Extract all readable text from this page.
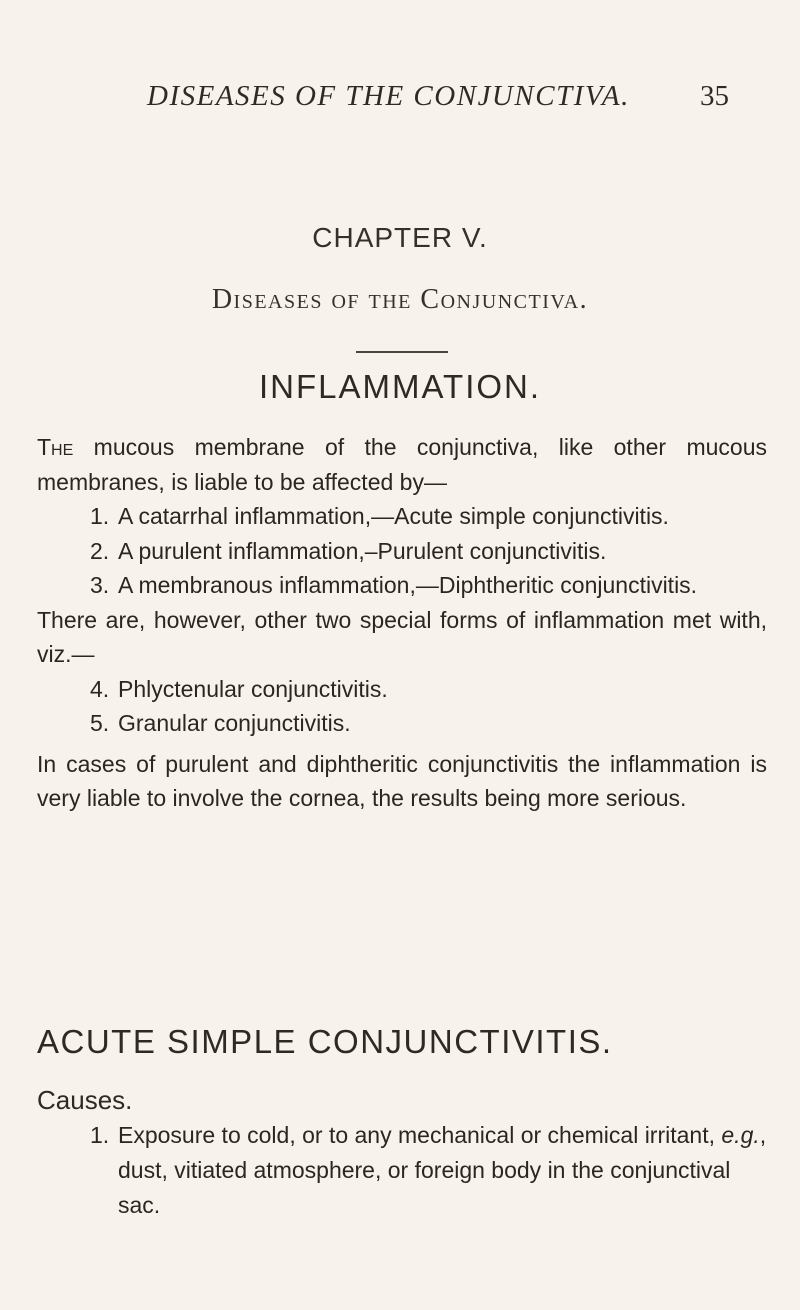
DISEASES OF THE CONJUNCTIVA. 35
CHAPTER V.
Diseases of the Conjunctiva.
INFLAMMATION.

The mucous membrane of the conjunctiva, like other mucous membranes, is liable to be affected by—

1. A catarrhal inflammation,—Acute simple conjunctivitis.
2. A purulent inflammation,–Purulent conjunctivitis.
3. A membranous inflammation,—Diphtheritic conjunctivitis.

There are, however, other two special forms of inflammation met with, viz.—

4. Phlyctenular conjunctivitis.
5. Granular conjunctivitis.

In cases of purulent and diphtheritic conjunctivitis the inflammation is very liable to involve the cornea, the results being more serious.

ACUTE SIMPLE CONJUNCTIVITIS.
Causes.
1. Exposure to cold, or to any mechanical or chemical irritant, e.g., dust, vitiated atmosphere, or foreign body in the conjunctival sac.
